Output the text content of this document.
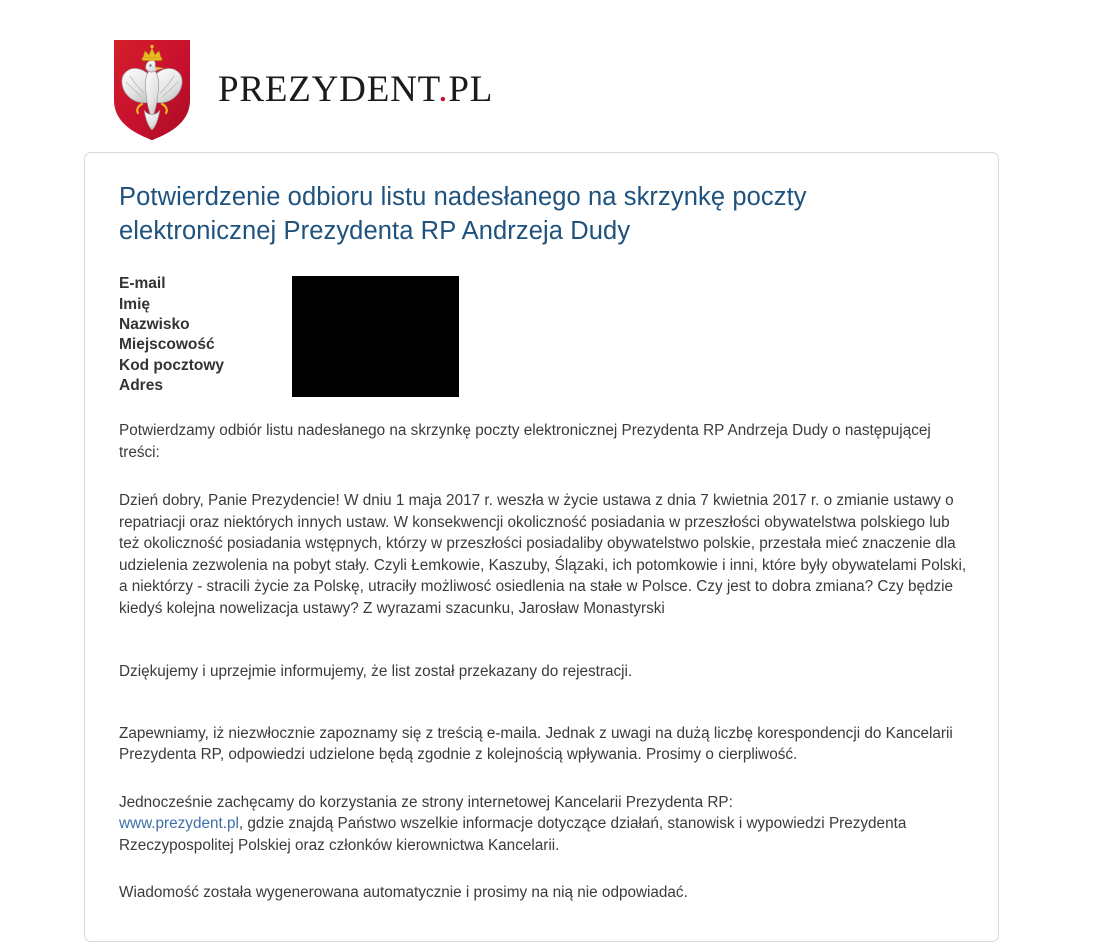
PREZYDENT.PL
Potwierdzenie odbioru listu nadesłanego na skrzynkę poczty elektronicznej Prezydenta RP Andrzeja Dudy
E-mail
Imię
Nazwisko
Miejscowość
Kod pocztowy
Adres

Potwierdzamy odbiór listu nadesłanego na skrzynkę poczty elektronicznej Prezydenta RP Andrzeja Dudy o następującej treści:

Dzień dobry, Panie Prezydencie! W dniu 1 maja 2017 r. weszła w życie ustawa z dnia 7 kwietnia 2017 r. o zmianie ustawy o repatriacji oraz niektórych innych ustaw. W konsekwencji okoliczność posiadania w przeszłości obywatelstwa polskiego lub też okoliczność posiadania wstępnych, którzy w przeszłości posiadaliby obywatelstwo polskie, przestała mieć znaczenie dla udzielenia zezwolenia na pobyt stały. Czyli Łemkowie, Kaszuby, Ślązaki, ich potomkowie i inni, które były obywatelami Polski, a niektórzy - stracili życie za Polskę, utraciły możliwosć osiedlenia na stałe w Polsce. Czy jest to dobra zmiana? Czy będzie kiedyś kolejna nowelizacja ustawy? Z wyrazami szacunku, Jarosław Monastyrski

Dziękujemy i uprzejmie informujemy, że list został przekazany do rejestracji.

Zapewniamy, iż niezwłocznie zapoznamy się z treścią e-maila. Jednak z uwagi na dużą liczbę korespondencji do Kancelarii Prezydenta RP, odpowiedzi udzielone będą zgodnie z kolejnością wpływania. Prosimy o cierpliwość.

Jednocześnie zachęcamy do korzystania ze strony internetowej Kancelarii Prezydenta RP:
www.prezydent.pl, gdzie znajdą Państwo wszelkie informacje dotyczące działań, stanowisk i wypowiedzi Prezydenta Rzeczypospolitej Polskiej oraz członków kierownictwa Kancelarii.

Wiadomość została wygenerowana automatycznie i prosimy na nią nie odpowiadać.
